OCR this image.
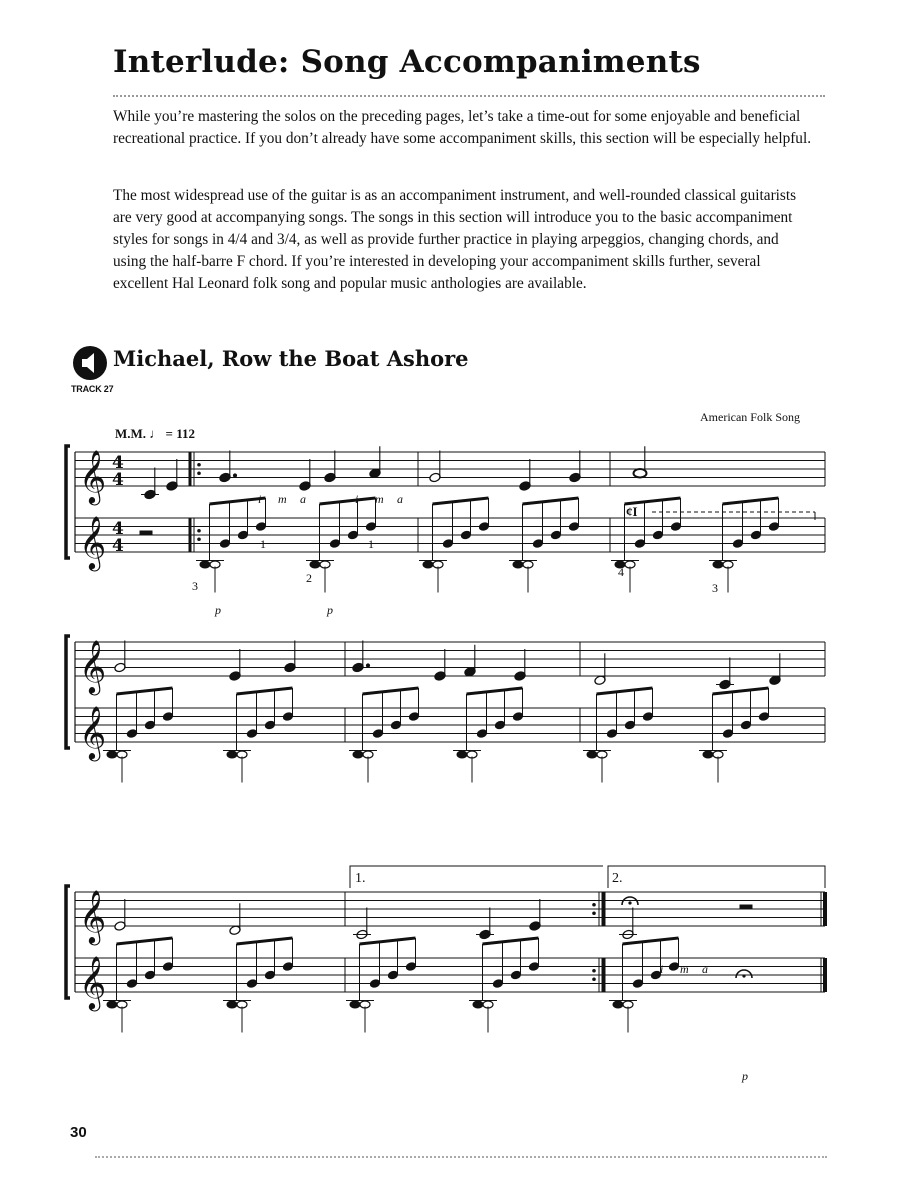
Interlude: Song Accompaniments

While you’re mastering the solos on the preceding pages, let’s take a time-out for some enjoyable and beneficial recreational practice. If you don’t already have some accompaniment skills, this section will be especially helpful.

The most widespread use of the guitar is as an accompaniment instrument, and well-rounded classical guitarists are very good at accompanying songs. The songs in this section will introduce you to the basic accompaniment styles for songs in 4/4 and 3/4, as well as provide further practice in playing arpeggios, changing chords, and using the half-barre F chord. If you’re interested in developing your accompaniment skills further, several excellent Hal Leonard folk song and popular music anthologies are available.

TRACK 27
Michael, Row the Boat Ashore
American Folk Song
M.M. ♩ = 112
1.	2.
𝄞
𝄞
𝄞
𝄞
𝄞
𝄞
4
4
4
4
i m a	i m a
i m a
p	p
p
3
2
1
4
3
1
¢I
30
